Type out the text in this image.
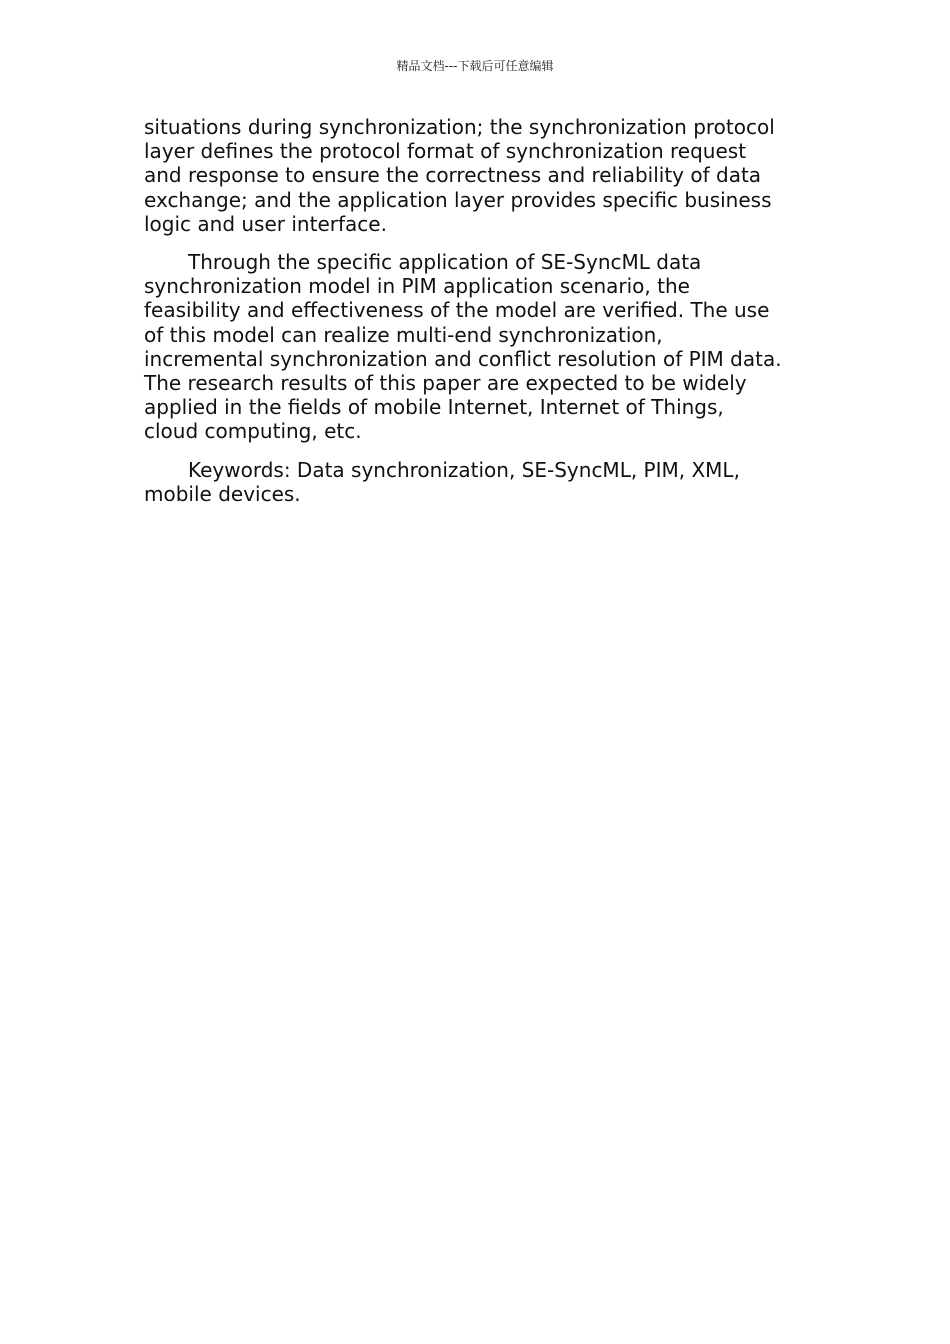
精品文档---下载后可任意编辑

situations during synchronization; the synchronization protocol
layer defines the protocol format of synchronization request
and response to ensure the correctness and reliability of data
exchange; and the application layer provides specific business
logic and user interface.

Through the specific application of SE-SyncML data
synchronization model in PIM application scenario, the
feasibility and effectiveness of the model are verified. The use
of this model can realize multi-end synchronization,
incremental synchronization and conflict resolution of PIM data.
The research results of this paper are expected to be widely
applied in the fields of mobile Internet, Internet of Things,
cloud computing, etc.

Keywords: Data synchronization, SE-SyncML, PIM, XML,
mobile devices.
